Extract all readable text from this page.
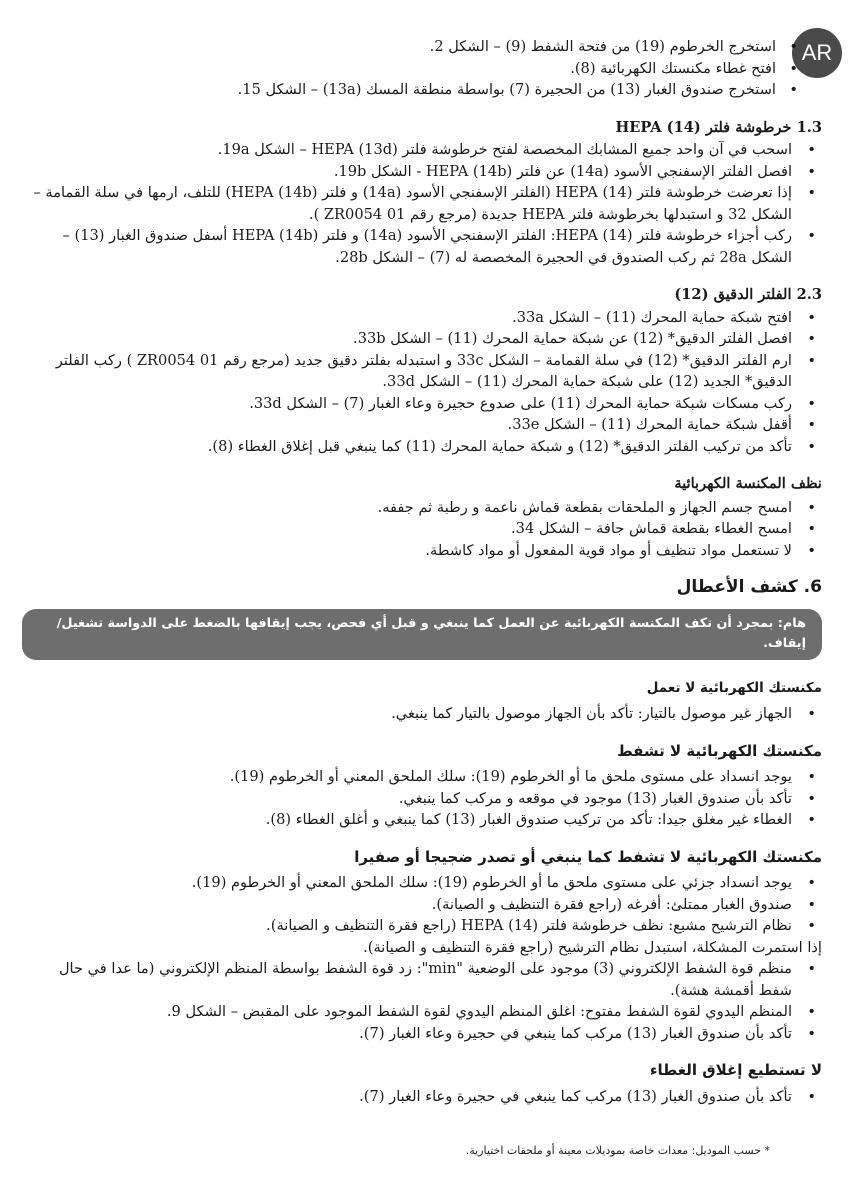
AR
• استخرج الخرطوم (19) من فتحة الشفط (9) – الشكل 2.
• افتح غطاء مكنستك الكهربائية (8).
• استخرج صندوق الغبار (13) من الحجيرة (7) بواسطة منطقة المسك (13a) – الشكل 15.
1.3 خرطوشة فلتر HEPA (14)
• اسحب في آن واحد جميع المشابك المخصصة لفتح خرطوشة فلتر HEPA (13d) – الشكل 19a.
• افصل الفلتر الإسفنجي الأسود (14a) عن فلتر HEPA (14b) - الشكل 19b.
• إذا تعرضت خرطوشة فلتر HEPA (14) (الفلتر الإسفنجي الأسود (14a) و فلتر HEPA (14b)) للتلف، ارمها في سلة القمامة – الشكل 32 و استبدلها بخرطوشة فلتر HEPA جديدة (مرجع رقم ZR0054 01 ).
• ركب أجزاء خرطوشة فلتر HEPA (14): الفلتر الإسفنجي الأسود (14a) و فلتر HEPA (14b) أسفل صندوق الغبار (13) – الشكل 28a ثم ركب الصندوق في الحجيرة المخصصة له (7) – الشكل 28b.
2.3 الفلتر الدقيق (12)
• افتح شبكة حماية المحرك (11) – الشكل 33a.
• افصل الفلتر الدقيق* (12) عن شبكة حماية المحرك (11) – الشكل 33b.
• ارم الفلتر الدقيق* (12) في سلة القمامة – الشكل 33c و استبدله بفلتر دقيق جديد (مرجع رقم ZR0054 01 ) ركب الفلتر الدقيق* الجديد (12) على شبكة حماية المحرك (11) – الشكل 33d.
• ركب مسكات شبكة حماية المحرك (11) على صدوع حجيرة وعاء الغبار (7) – الشكل 33d.
• أقفل شبكة حماية المحرك (11) – الشكل 33e.
• تأكد من تركيب الفلتر الدقيق* (12) و شبكة حماية المحرك (11) كما ينبغي قبل إغلاق الغطاء (8).
نظف المكنسة الكهربائية
• امسح جسم الجهاز و الملحقات بقطعة قماش ناعمة و رطبة ثم جففه.
• امسح الغطاء بقطعة قماش جافة – الشكل 34.
• لا تستعمل مواد تنظيف أو مواد قوية المفعول أو مواد كاشطة.
6. كشف الأعطال
هام: بمجرد أن تكف المكنسة الكهربائية عن العمل كما ينبغي و قبل أي فحص، يجب إيقافها بالضغط على الدواسة تشغيل/إيقاف.
مكنستك الكهربائية لا تعمل
• الجهاز غير موصول بالتيار: تأكد بأن الجهاز موصول بالتيار كما ينبغي.
مكنستك الكهربائية لا تشفط
• يوجد انسداد على مستوى ملحق ما أو الخرطوم (19): سلك الملحق المعني أو الخرطوم (19).
• تأكد بأن صندوق الغبار (13) موجود في موقعه و مركب كما ينبغي.
• الغطاء غير مغلق جيدا: تأكد من تركيب صندوق الغبار (13) كما ينبغي و أغلق الغطاء (8).
مكنستك الكهربائية لا تشفط كما ينبغي أو تصدر ضجيجا أو صفيرا
• يوجد انسداد جزئي على مستوى ملحق ما أو الخرطوم (19): سلك الملحق المعني أو الخرطوم (19).
• صندوق الغبار ممتلئ: أفرغه (راجع فقرة التنظيف و الصيانة).
• نظام الترشيح مشبع: نظف خرطوشة فلتر HEPA (14) (راجع فقرة التنظيف و الصيانة).
إذا استمرت المشكلة، استبدل نظام الترشيح (راجع فقرة التنظيف و الصيانة).
• منظم قوة الشفط الإلكتروني (3) موجود على الوضعية "min": زد قوة الشفط بواسطة المنظم الإلكتروني (ما عدا في حال شفط أقمشة هشة).
• المنظم اليدوي لقوة الشفط مفتوح: اغلق المنظم اليدوي لقوة الشفط الموجود على المقبض – الشكل 9.
• تأكد بأن صندوق الغبار (13) مركب كما ينبغي في حجيرة وعاء الغبار (7).
لا تستطيع إغلاق الغطاء
• تأكد بأن صندوق الغبار (13) مركب كما ينبغي في حجيرة وعاء الغبار (7).
* حسب الموديل: معدات خاصة بموديلات معينة أو ملحقات اختيارية.
